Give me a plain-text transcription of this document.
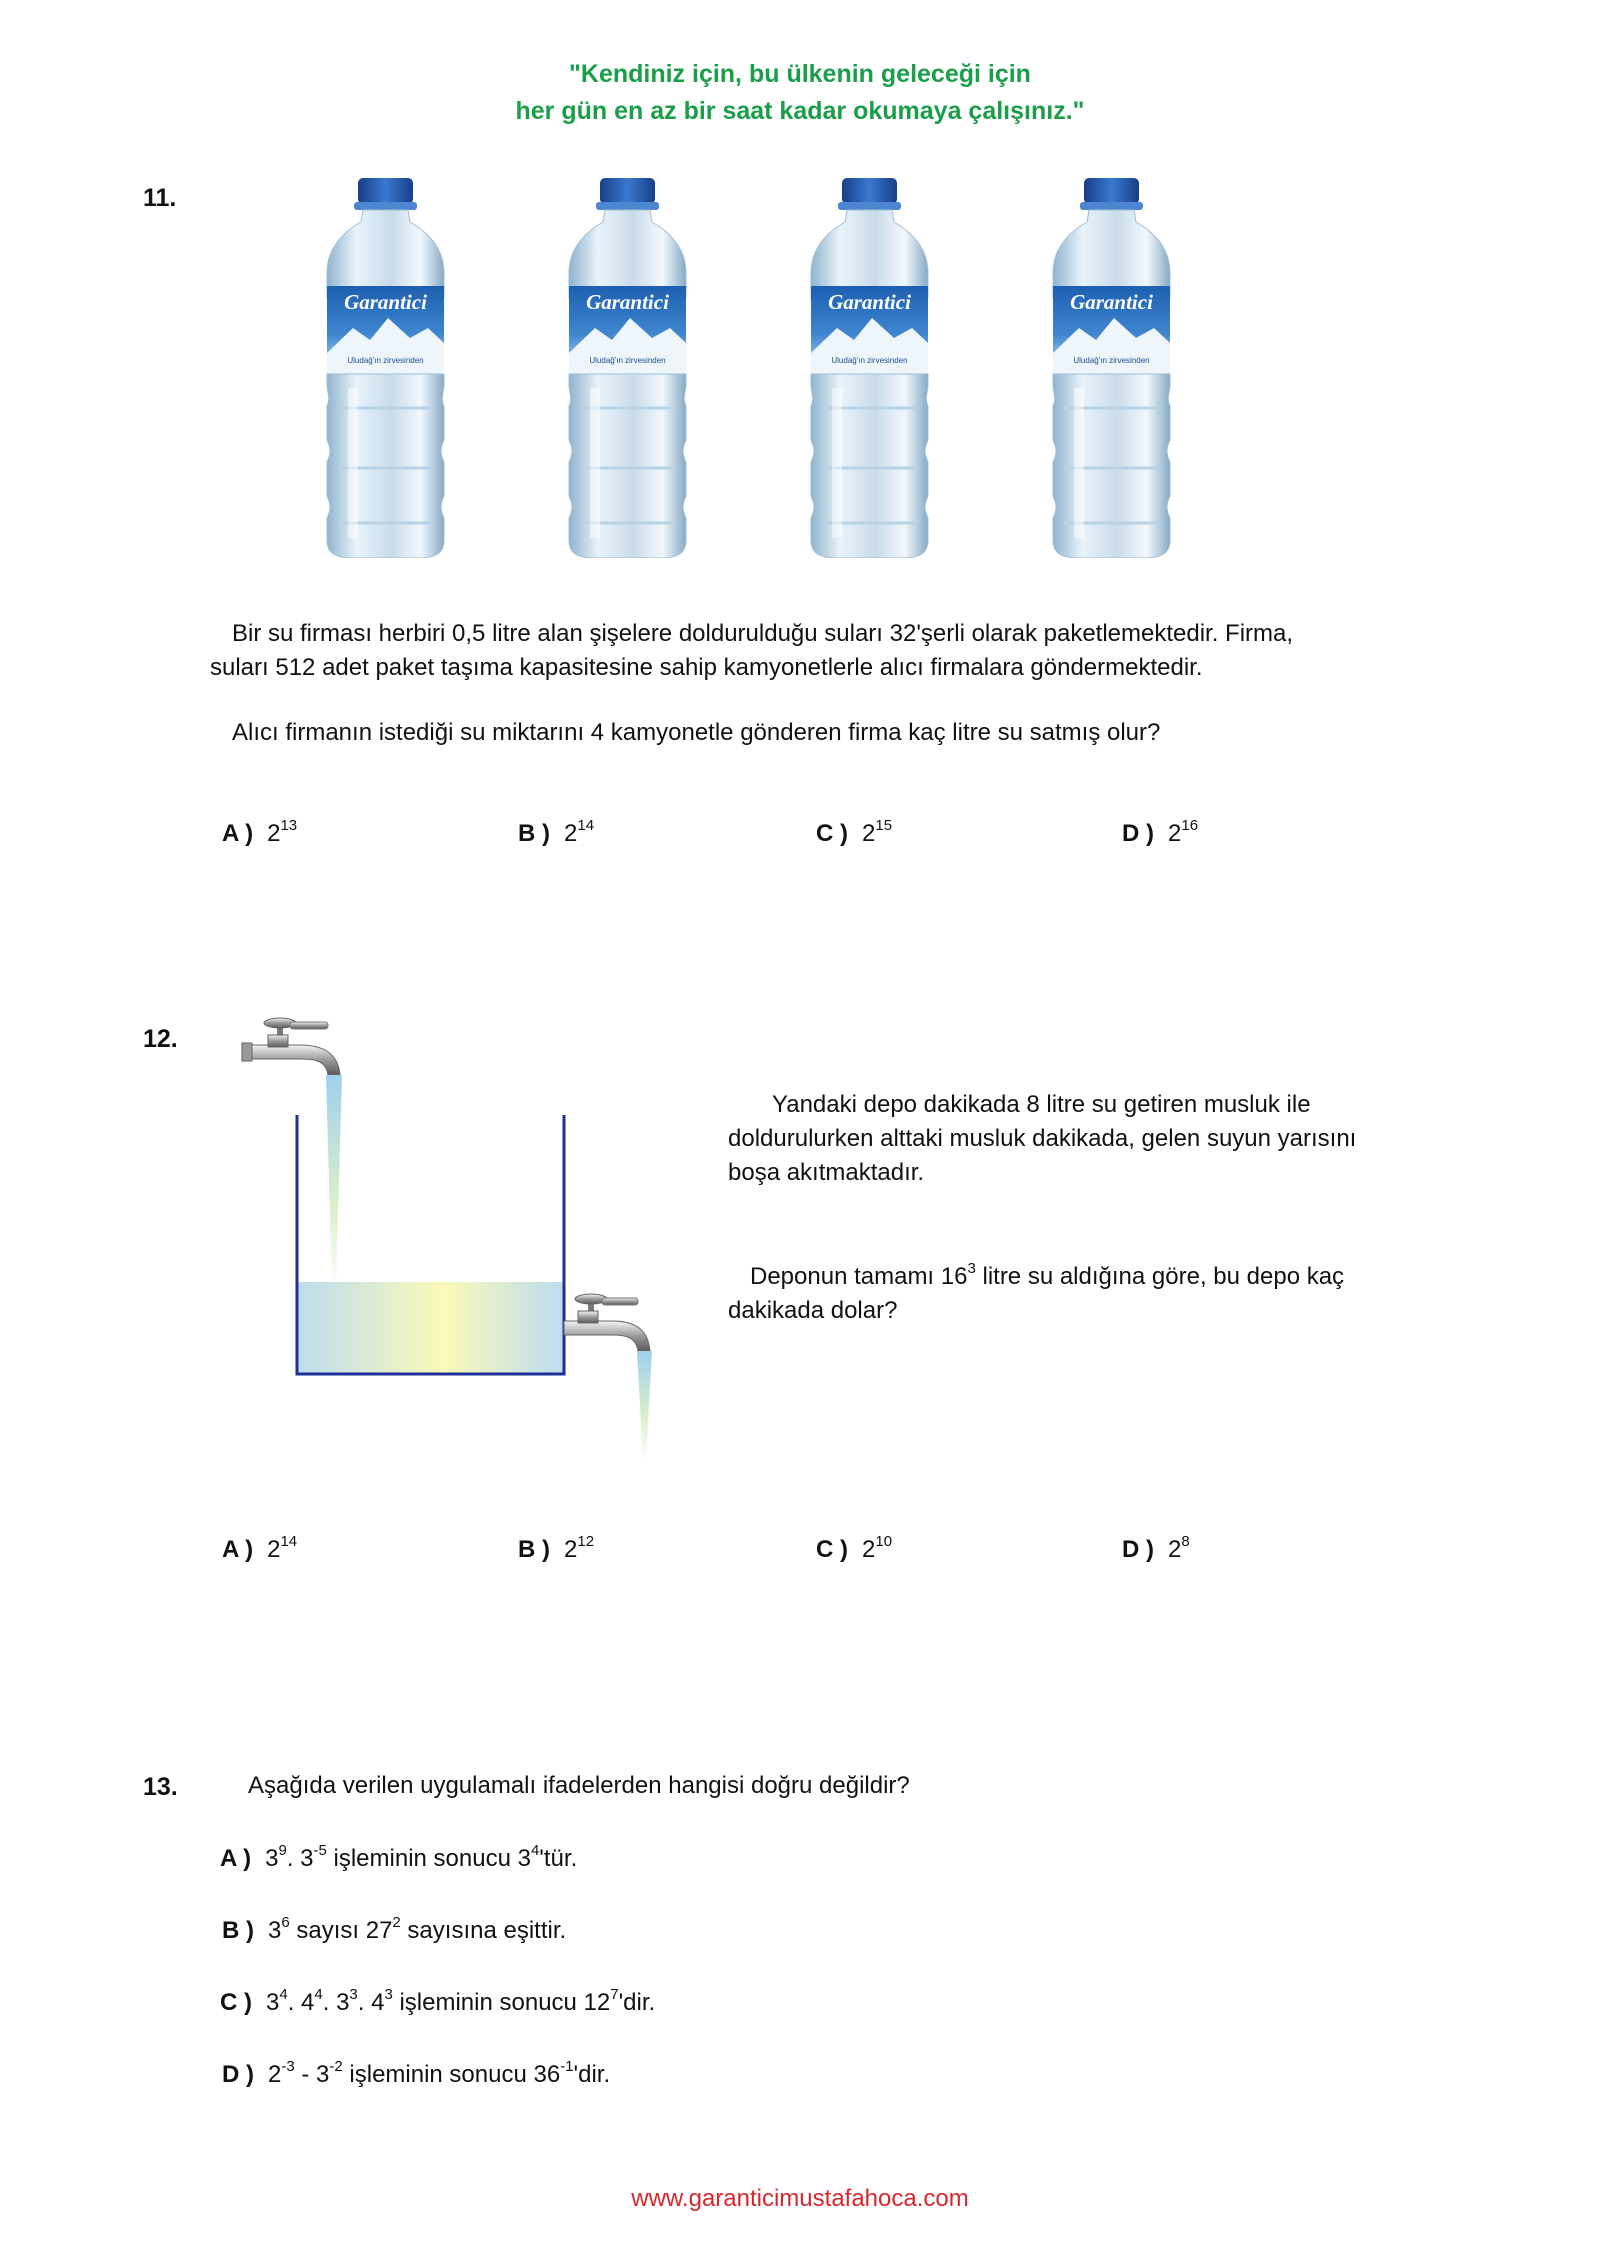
"Kendiniz için, bu ülkenin geleceği için
her gün en az bir saat kadar okumaya çalışınız."
11.
Garantici
Uludağ'ın zirvesinden
Garantici
Uludağ'ın zirvesinden
Garantici
Uludağ'ın zirvesinden
Garantici
Uludağ'ın zirvesinden
Bir su firması herbiri 0,5 litre alan şişelere doldurulduğu suları 32'şerli olarak paketlemektedir. Firma,
suları 512 adet paket taşıma kapasitesine sahip kamyonetlerle alıcı firmalara göndermektedir.
Alıcı firmanın istediği su miktarını 4 kamyonetle gönderen firma kaç litre su satmış olur?
A ) $2^{13}$	B ) $2^{14}$	C ) $2^{15}$	D ) $2^{16}$
12.
Yandaki depo dakikada 8 litre su getiren musluk ile
doldurulurken alttaki musluk dakikada, gelen suyun yarısını
boşa akıtmaktadır.
Deponun tamamı $16^3$ litre su aldığına göre, bu depo kaç
dakikada dolar?
A ) $2^{14}$	B ) $2^{12}$	C ) $2^{10}$	D ) $2^8$
13.	Aşağıda verilen uygulamalı ifadelerden hangisi doğru değildir?
A ) $3^9$. $3^{-5}$ işleminin sonucu $3^4'tür$.
B ) $3^6$ sayısı $27^2$ sayısına eşittir.
C ) $3^4$. $4^4$. $3^3$. $4^3$ işleminin sonucu $12^7'dir$.
D ) $2^{-3} - 3^{-2}$ işleminin sonucu $36^{-1}'dir$.
www.garanticimustafahoca.com
